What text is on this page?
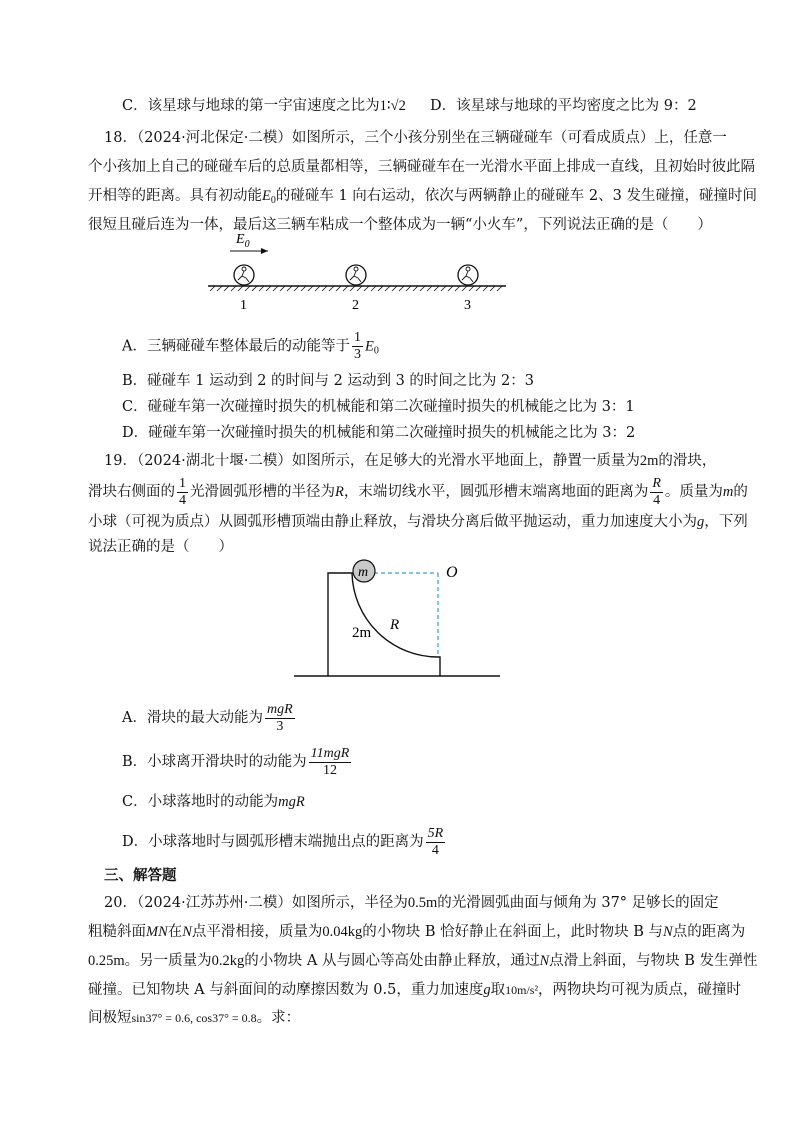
C．该星球与地球的第一宇宙速度之比为1∶√2 D．该星球与地球的平均密度之比为 9：2
18．（2024·河北保定·二模）如图所示，三个小孩分别坐在三辆碰碰车（可看成质点）上，任意一
个小孩加上自己的碰碰车后的总质量都相等，三辆碰碰车在一光滑水平面上排成一直线，且初始时彼此隔
开相等的距离。具有初动能$E_0$的碰碰车 1 向右运动，依次与两辆静止的碰碰车 2、3 发生碰撞，碰撞时间
很短且碰后连为一体，最后这三辆车粘成一个整体成为一辆“小火车”，下列说法正确的是（　　）
$E_0$
1	2	3
A．三辆碰碰车整体最后的动能等于 $\frac{1}{3} E_0$
B．碰碰车 1 运动到 2 的时间与 2 运动到 3 的时间之比为 2：3
C．碰碰车第一次碰撞时损失的机械能和第二次碰撞时损失的机械能之比为 3：1
D．碰碰车第一次碰撞时损失的机械能和第二次碰撞时损失的机械能之比为 3：2
19．（2024·湖北十堰·二模）如图所示，在足够大的光滑水平地面上，静置一质量为2m的滑块，
滑块右侧面的 $\frac{1}{4}$ 光滑圆弧形槽的半径为R，末端切线水平，圆弧形槽末端离地面的距离为 $\frac{R}{4}$ 。质量为m的
小球（可视为质点）从圆弧形槽顶端由静止释放，与滑块分离后做平抛运动，重力加速度大小为g，下列
说法正确的是（　　）
m	O
R
2m
A．滑块的最大动能为 $\frac{\text{mgR}}{3}$
B．小球离开滑块时的动能为 $\frac{\text{11mgR}}{12}$
C．小球落地时的动能为mgR
D．小球落地时与圆弧形槽末端抛出点的距离为 $\frac{5R}{4}$
三、解答题
20．（2024·江苏苏州·二模）如图所示，半径为0.5m的光滑圆弧曲面与倾角为 37° 足够长的固定
粗糙斜面MN在N点平滑相接，质量为0.04kg的小物块 B 恰好静止在斜面上，此时物块 B 与N点的距离为
0.25m。另一质量为0.2kg的小物块 A 从与圆心等高处由静止释放，通过N点滑上斜面，与物块 B 发生弹性
碰撞。已知物块 A 与斜面间的动摩擦因数为 0.5，重力加速度g取10m/s²，两物块均可视为质点，碰撞时
间极短sin37° = 0.6, cos37° = 0.8。求：
